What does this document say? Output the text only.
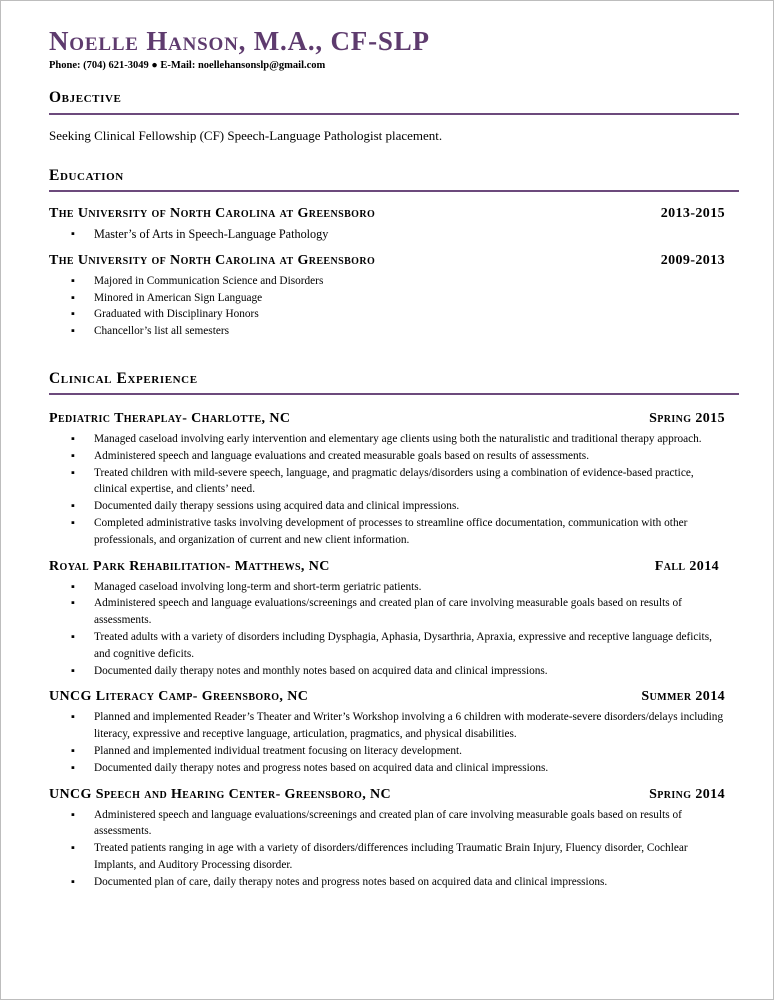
Noelle Hanson, M.A., CF-SLP
Phone: (704) 621-3049 ● E-Mail: noellehansonslp@gmail.com
Objective
Seeking Clinical Fellowship (CF) Speech-Language Pathologist placement.
Education
The University of North Carolina at Greensboro	2013-2015
▪ Master’s of Arts in Speech-Language Pathology
The University of North Carolina at Greensboro	2009-2013
▪ Majored in Communication Science and Disorders
▪ Minored in American Sign Language
▪ Graduated with Disciplinary Honors
▪ Chancellor’s list all semesters
Clinical Experience
Pediatric Theraplay- Charlotte, NC	Spring 2015
▪ Managed caseload involving early intervention and elementary age clients using both the naturalistic and traditional therapy approach.
▪ Administered speech and language evaluations and created measurable goals based on results of assessments.
▪ Treated children with mild-severe speech, language, and pragmatic delays/disorders using a combination of evidence-based practice, clinical expertise, and clients’ need.
▪ Documented daily therapy sessions using acquired data and clinical impressions.
▪ Completed administrative tasks involving development of processes to streamline office documentation, communication with other professionals, and organization of current and new client information.
Royal Park Rehabilitation- Matthews, NC	Fall 2014
▪ Managed caseload involving long-term and short-term geriatric patients.
▪ Administered speech and language evaluations/screenings and created plan of care involving measurable goals based on results of assessments.
▪ Treated adults with a variety of disorders including Dysphagia, Aphasia, Dysarthria, Apraxia, expressive and receptive language deficits, and cognitive deficits.
▪ Documented daily therapy notes and monthly notes based on acquired data and clinical impressions.
UNCG Literacy Camp- Greensboro, NC	Summer 2014
▪ Planned and implemented Reader’s Theater and Writer’s Workshop involving a 6 children with moderate-severe disorders/delays including literacy, expressive and receptive language, articulation, pragmatics, and physical disabilities.
▪ Planned and implemented individual treatment focusing on literacy development.
▪ Documented daily therapy notes and progress notes based on acquired data and clinical impressions.
UNCG Speech and Hearing Center- Greensboro, NC	Spring 2014
▪ Administered speech and language evaluations/screenings and created plan of care involving measurable goals based on results of assessments.
▪ Treated patients ranging in age with a variety of disorders/differences including Traumatic Brain Injury, Fluency disorder, Cochlear Implants, and Auditory Processing disorder.
▪ Documented plan of care, daily therapy notes and progress notes based on acquired data and clinical impressions.
